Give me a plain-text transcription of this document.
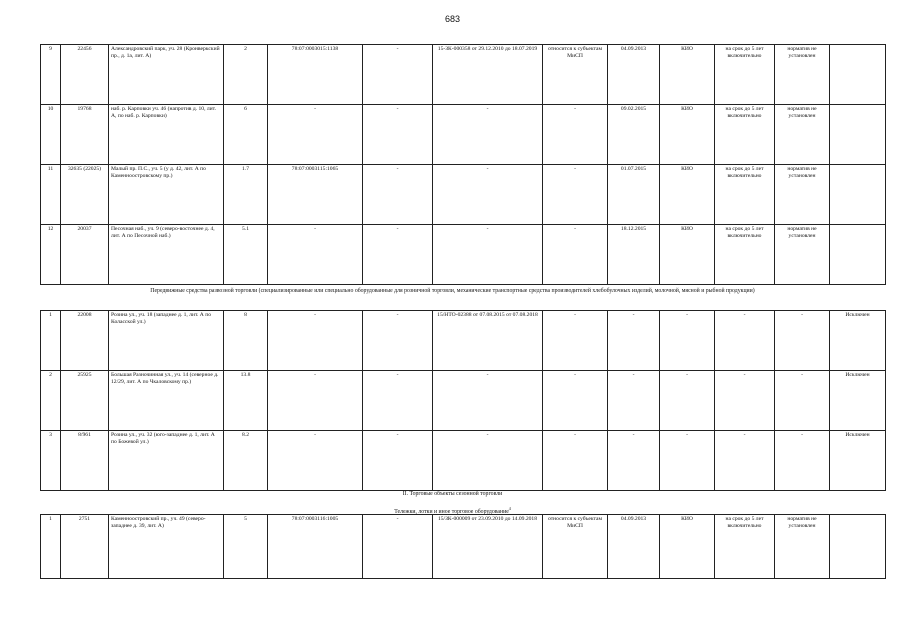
683
9	22456	Александровский парк, уч. 28 (Кронверкский пр., д. 1а, лит. А)	2	78:07:0003015:1138	-	15-ЗК-000358 от 29.12.2010 до 18.07.2019	относится к субъектам МиСП	04.09.2013	КИО	на срок до 5 лет включительно	норматив не установлен	
10	19768	наб. р. Карповки уч. 46 (напротив д. 10, лит. А, по наб. р. Карповки)	6	-	-	-	-	09.02.2015	КИО	на срок до 5 лет включительно	норматив не установлен	
11	32635 (22025)	Малый пр. П.С., уч. 5 (у д. 42, лит. А по Каменноостровскому пр.)	1.7	78:07:0003115:1065	-	-	-	01.07.2015	КИО	на срок до 5 лет включительно	норматив не установлен	
12	20037	Песочная наб., уч. 9 (северо-восточнее д. 4, лит. А по Песочной наб.)	5.1	-	-	-	-	18.12.2015	КИО	на срок до 5 лет включительно	норматив не установлен	
Передвижные средства развозной торговли (специализированные или специально оборудованные для розничной торговли, механические транспортные средства производителей хлебобулочных изделий, молочной, мясной и рыбной продукции)
1	22008	Розина ул., уч. 18 (западнее д. 1, лит. А по Коласской ул.)	8	-	-	15/НТО-02388 от 07.08.2015 от 07.08.2018	-	-	-	-	-	Исключен
2	25925	Большая Разночинная ул., уч. 14 (северное д. 12/29, лит. А по Чкаловскому пр.)	13.8	-	-	-	-	-	-	-	-	Исключен
3	8/961	Розина ул., уч. 32 (юго-западнее д. 1, лит. А по Божевой ул.)	8.2	-	-	-	-	-	-	-	-	Исключен
II. Торговые объекты сезонной торговли
Тележки, лотки и иное торговое оборудование$^4$
1	2751	Каменноостровский пр., уч. 49 (северо-западнее д. 39, лит. А)	5	78:07:0003116:1005	-	15/ЗК-000009 от 23.09.2010 до 14.09.2018	относится к субъектам МиСП	04.09.2013	КИО	на срок до 5 лет включительно	норматив не установлен	
